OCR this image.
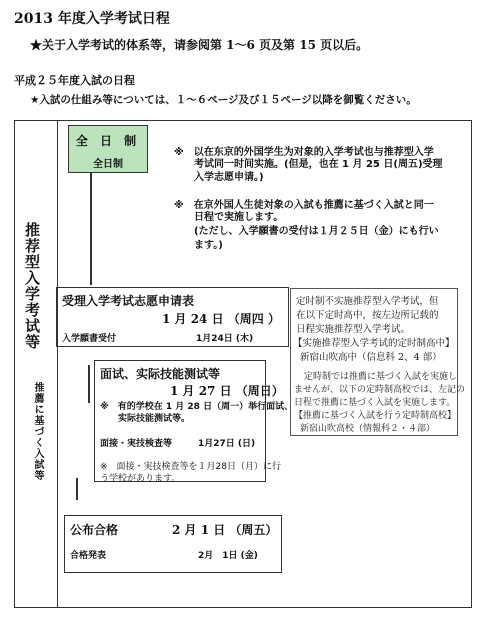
2013 年度入学考试日程
★关于入学考试的体系等，请参阅第 1～6 页及第 15 页以后。
平成２５年度入試の日程
★入試の仕組み等については、１～６ページ及び１５ページ以降を御覧ください。
推荐型入学考试等
推薦に基づく入試等
全 日 制
全日制
※　以在东京的外国学生为对象的入学考试也与推荐型入学
考试同一时间实施。(但是，也在 1 月 25 日(周五)受理
入学志愿申请。)
※　在京外国人生徒対象の入試も推薦に基づく入試と同一
日程で実施します。
(ただし、入学願書の受付は１月２５日（金）にも行い
ます。)
受理入学考试志愿申请表
1 月 24 日 （周四 ）
入学願書受付	1月24日 (木)
面试、实际技能测试等
1 月 27 日 （周日）
※　有的学校在 1 月 28 日（周一）举行面试、
实际技能测试等。
面接・実技検査等	1月27日 (日)
※　面接・実技検査等を１月28日（月）に行
う学校があります。
公布合格	2 月 1 日 （周五）
合格発表	2月　1日 (金)
定时制不实施推荐型入学考试，但
在以下定时高中，按左边所记载的
日程实施推荐型入学考试。
【实施推荐型入学考试的定时制高中】
新宿山吹高中（信息科 2、4 部）
定時制では推薦に基づく入試を実施し
ませんが、以下の定時制高校では、左記の
日程で推薦に基づく入試を実施します。
【推薦に基づく入試を行う定時制高校】
新宿山吹高校（情報科２・４部）
